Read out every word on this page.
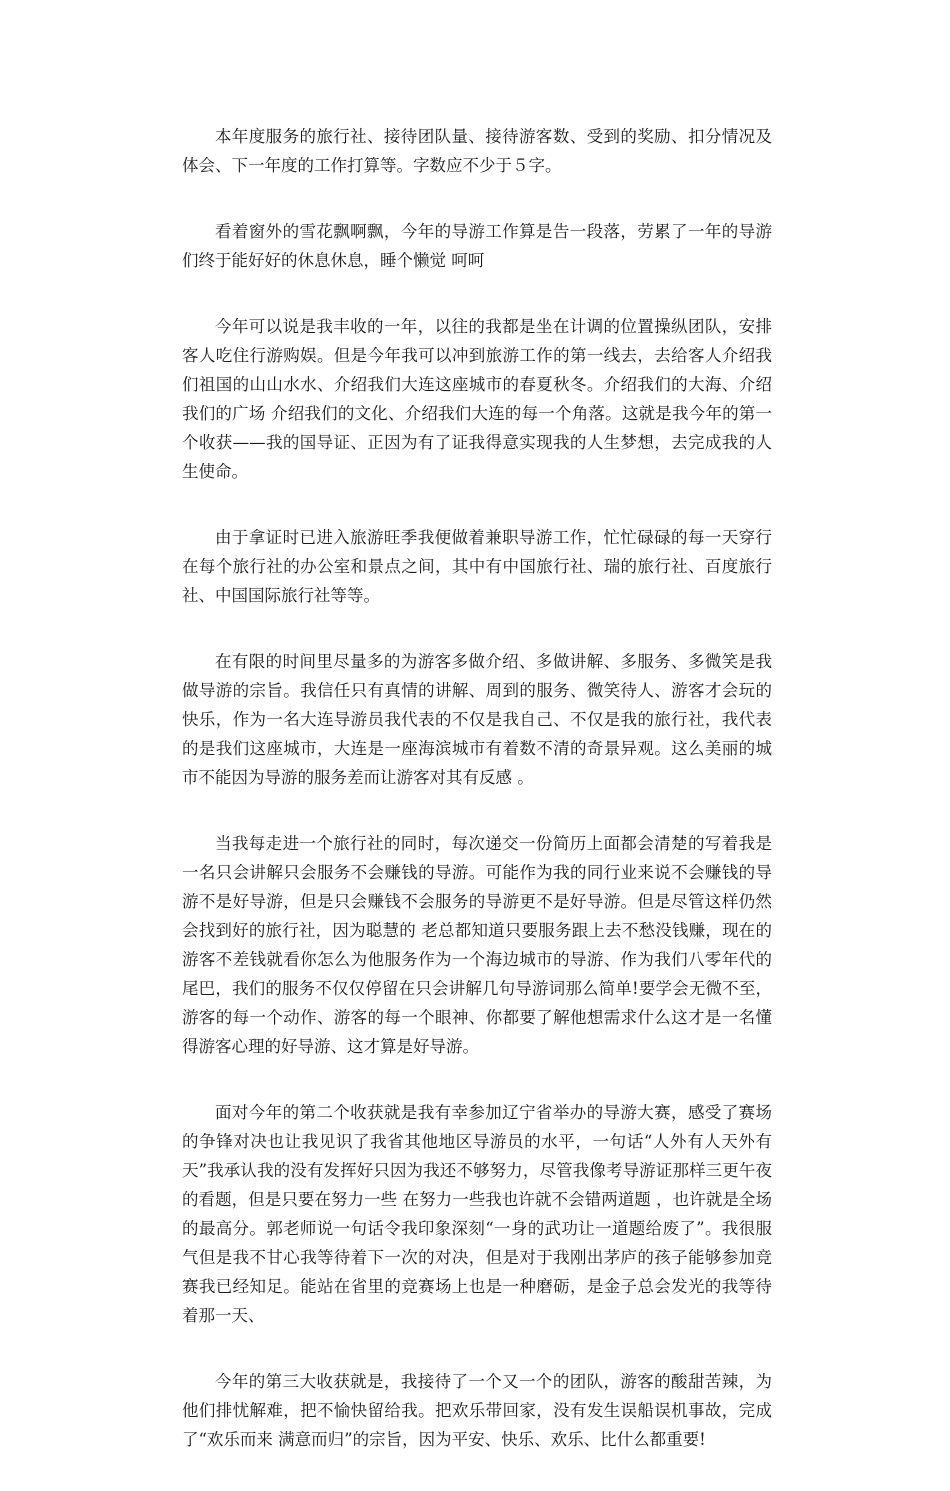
本年度服务的旅行社、接待团队量、接待游客数、受到的奖励、扣分情况及体会、下一年度的工作打算等。字数应不少于５字。

看着窗外的雪花飘啊飘，今年的导游工作算是告一段落，劳累了一年的导游们终于能好好的休息休息，睡个懒觉 呵呵

今年可以说是我丰收的一年，以往的我都是坐在计调的位置操纵团队，安排客人吃住行游购娱。但是今年我可以冲到旅游工作的第一线去，去给客人介绍我们祖国的山山水水、介绍我们大连这座城市的春夏秋冬。介绍我们的大海、介绍我们的广场 介绍我们的文化、介绍我们大连的每一个角落。这就是我今年的第一个收获——我的国导证、正因为有了证我得意实现我的人生梦想，去完成我的人生使命。

由于拿证时已进入旅游旺季我便做着兼职导游工作，忙忙碌碌的每一天穿行在每个旅行社的办公室和景点之间，其中有中国旅行社、瑞的旅行社、百度旅行社、中国国际旅行社等等。

在有限的时间里尽量多的为游客多做介绍、多做讲解、多服务、多微笑是我做导游的宗旨。我信任只有真情的讲解、周到的服务、微笑待人、游客才会玩的快乐，作为一名大连导游员我代表的不仅是我自己、不仅是我的旅行社，我代表的是我们这座城市，大连是一座海滨城市有着数不清的奇景异观。这么美丽的城市不能因为导游的服务差而让游客对其有反感 。

当我每走进一个旅行社的同时，每次递交一份简历上面都会清楚的写着我是一名只会讲解只会服务不会赚钱的导游。可能作为我的同行业来说不会赚钱的导游不是好导游，但是只会赚钱不会服务的导游更不是好导游。但是尽管这样仍然会找到好的旅行社，因为聪慧的 老总都知道只要服务跟上去不愁没钱赚，现在的游客不差钱就看你怎么为他服务作为一个海边城市的导游、作为我们八零年代的尾巴，我们的服务不仅仅停留在只会讲解几句导游词那么简单!要学会无微不至，游客的每一个动作、游客的每一个眼神、你都要了解他想需求什么这才是一名懂得游客心理的好导游、这才算是好导游。

面对今年的第二个收获就是我有幸参加辽宁省举办的导游大赛，感受了赛场的争锋对决也让我见识了我省其他地区导游员的水平，一句话“人外有人天外有天”我承认我的没有发挥好只因为我还不够努力，尽管我像考导游证那样三更午夜的看题，但是只要在努力一些 在努力一些我也许就不会错两道题 ，也许就是全场的最高分。郭老师说一句话令我印象深刻“一身的武功让一道题给废了”。我很服气但是我不甘心我等待着下一次的对决，但是对于我刚出茅庐的孩子能够参加竞赛我已经知足。能站在省里的竞赛场上也是一种磨砺，是金子总会发光的我等待着那一天、

今年的第三大收获就是，我接待了一个又一个的团队，游客的酸甜苦辣，为他们排忧解难，把不愉快留给我。把欢乐带回家，没有发生误船误机事故，完成了“欢乐而来 满意而归”的宗旨，因为平安、快乐、欢乐、比什么都重要!
